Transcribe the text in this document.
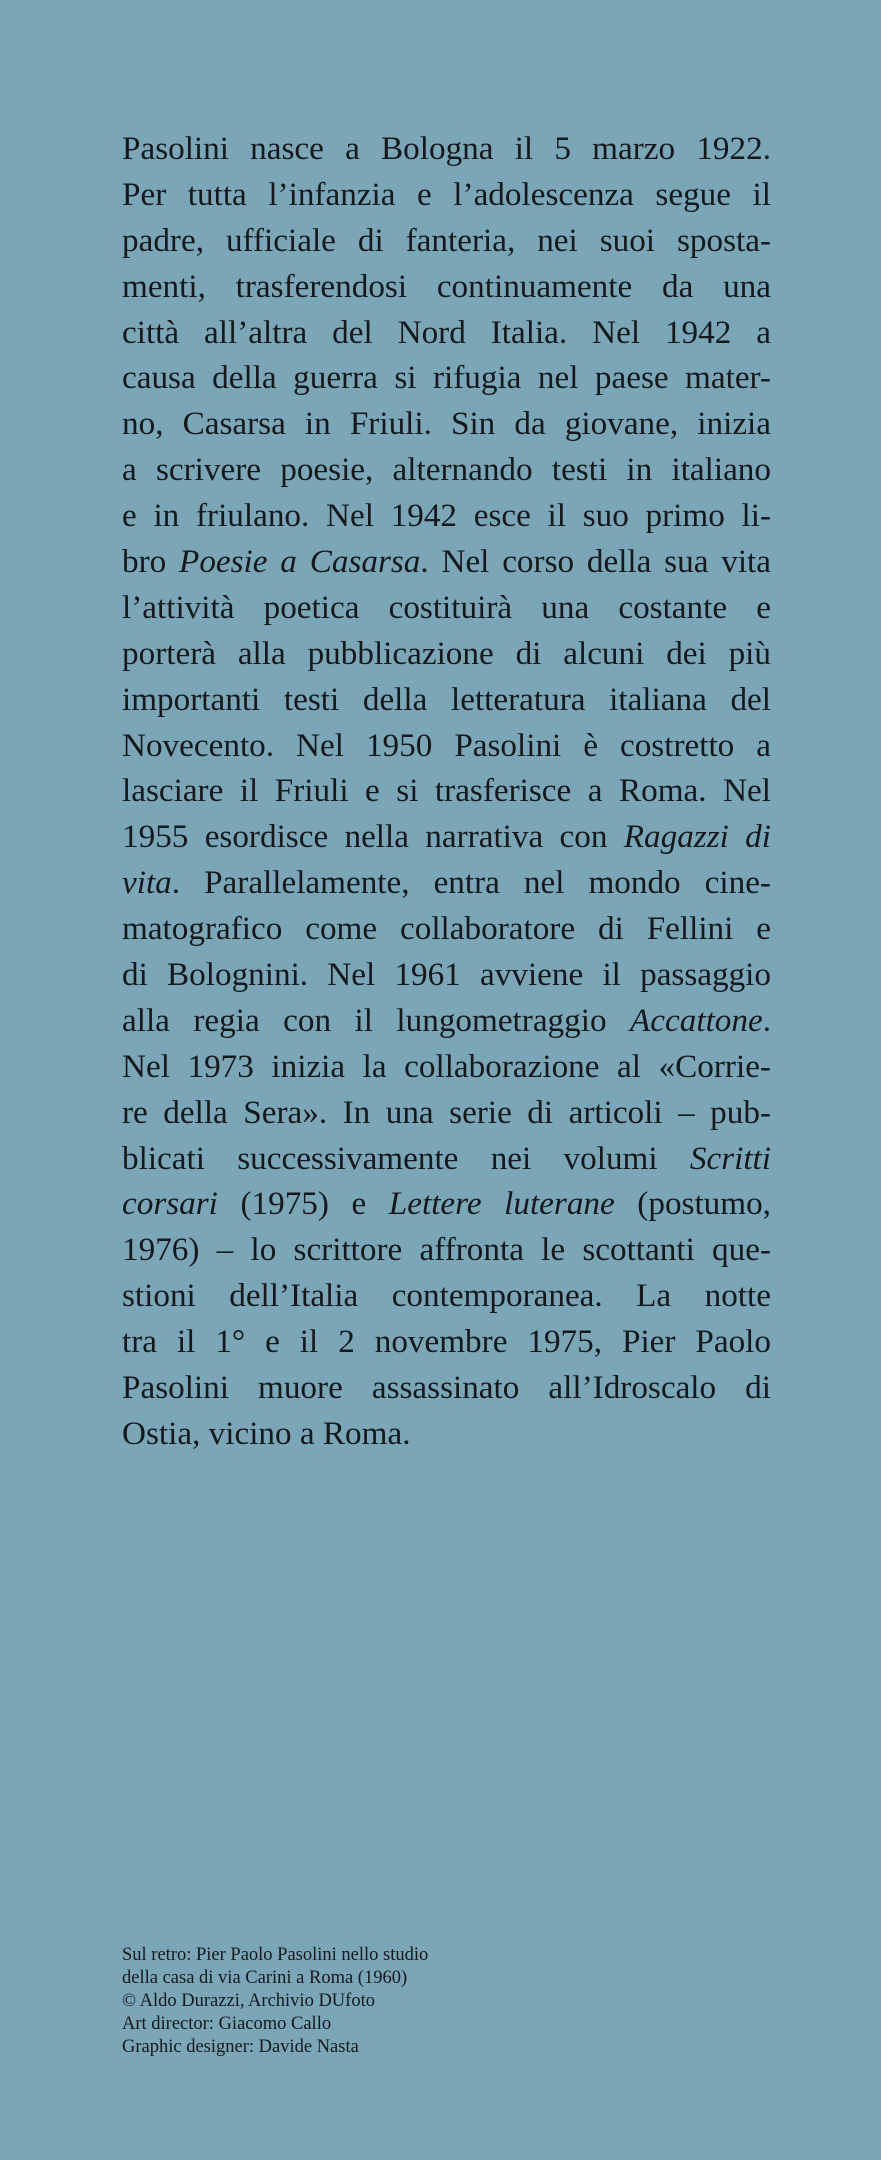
Pasolini nasce a Bologna il 5 marzo 1922.
Per tutta l’infanzia e l’adolescenza segue il
padre, ufficiale di fanteria, nei suoi sposta-
menti, trasferendosi continuamente da una
città all’altra del Nord Italia. Nel 1942 a
causa della guerra si rifugia nel paese mater-
no, Casarsa in Friuli. Sin da giovane, inizia
a scrivere poesie, alternando testi in italiano
e in friulano. Nel 1942 esce il suo primo li-
bro Poesie a Casarsa. Nel corso della sua vita
l’attività poetica costituirà una costante e
porterà alla pubblicazione di alcuni dei più
importanti testi della letteratura italiana del
Novecento. Nel 1950 Pasolini è costretto a
lasciare il Friuli e si trasferisce a Roma. Nel
1955 esordisce nella narrativa con Ragazzi di
vita. Parallelamente, entra nel mondo cine-
matografico come collaboratore di Fellini e
di Bolognini. Nel 1961 avviene il passaggio
alla regia con il lungometraggio Accattone.
Nel 1973 inizia la collaborazione al «Corrie-
re della Sera». In una serie di articoli – pub-
blicati successivamente nei volumi Scritti
corsari (1975) e Lettere luterane (postumo,
1976) – lo scrittore affronta le scottanti que-
stioni dell’Italia contemporanea. La notte
tra il 1° e il 2 novembre 1975, Pier Paolo
Pasolini muore assassinato all’Idroscalo di
Ostia, vicino a Roma.
Sul retro: Pier Paolo Pasolini nello studio
della casa di via Carini a Roma (1960)
© Aldo Durazzi, Archivio DUfoto
Art director: Giacomo Callo
Graphic designer: Davide Nasta
